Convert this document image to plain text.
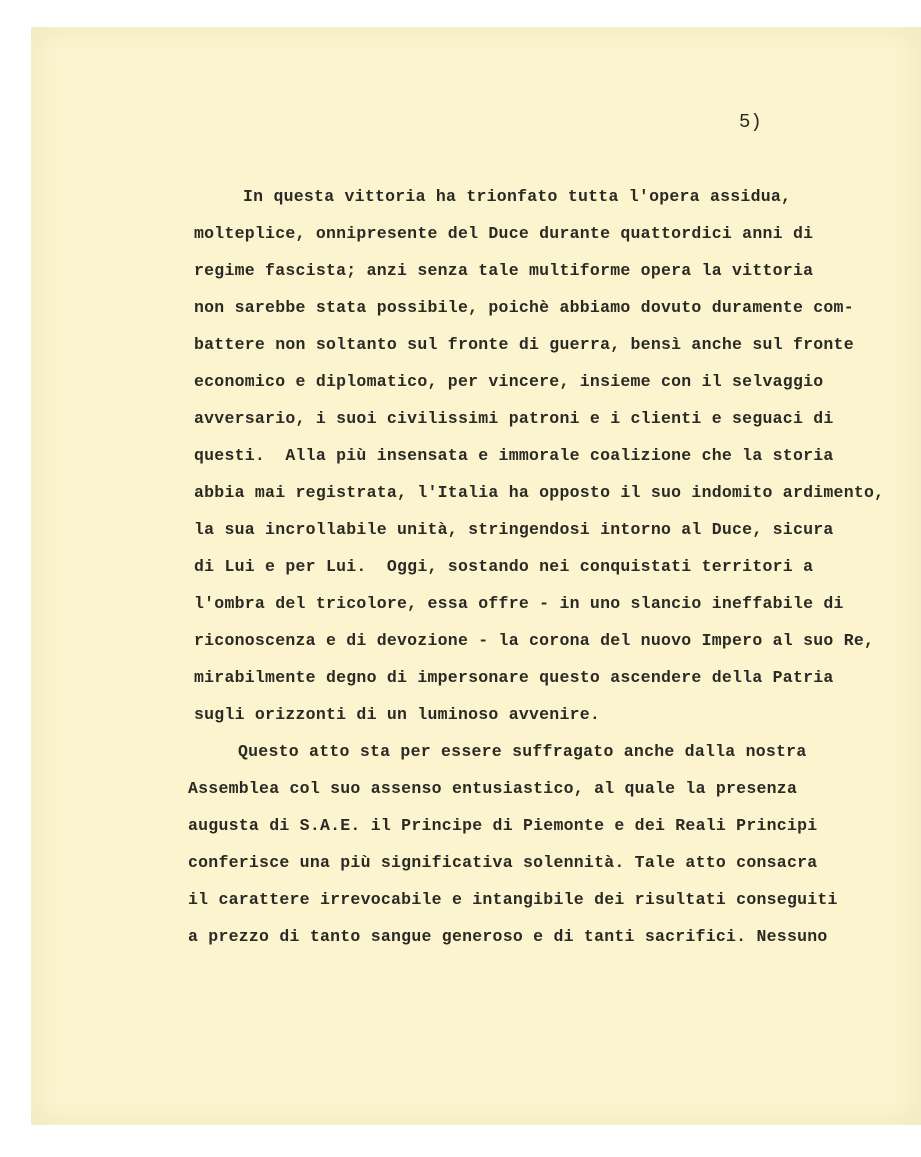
5)
In questa vittoria ha trionfato tutta l'opera assidua,
molteplice, onnipresente del Duce durante quattordici anni di
regime fascista; anzi senza tale multiforme opera la vittoria
non sarebbe stata possibile, poichè abbiamo dovuto duramente com-
battere non soltanto sul fronte di guerra, bensì anche sul fronte
economico e diplomatico, per vincere, insieme con il selvaggio
avversario, i suoi civilissimi patroni e i clienti e seguaci di
questi.  Alla più insensata e immorale coalizione che la storia
abbia mai registrata, l'Italia ha opposto il suo indomito ardimento,
la sua incrollabile unità, stringendosi intorno al Duce, sicura
di Lui e per Lui.  Oggi, sostando nei conquistati territori a
l'ombra del tricolore, essa offre - in uno slancio ineffabile di
riconoscenza e di devozione - la corona del nuovo Impero al suo Re,
mirabilmente degno di impersonare questo ascendere della Patria
sugli orizzonti di un luminoso avvenire.
Questo atto sta per essere suffragato anche dalla nostra
Assemblea col suo assenso entusiastico, al quale la presenza
augusta di S.A.E. il Principe di Piemonte e dei Reali Principi
conferisce una più significativa solennità. Tale atto consacra
il carattere irrevocabile e intangibile dei risultati conseguiti
a prezzo di tanto sangue generoso e di tanti sacrifici. Nessuno
